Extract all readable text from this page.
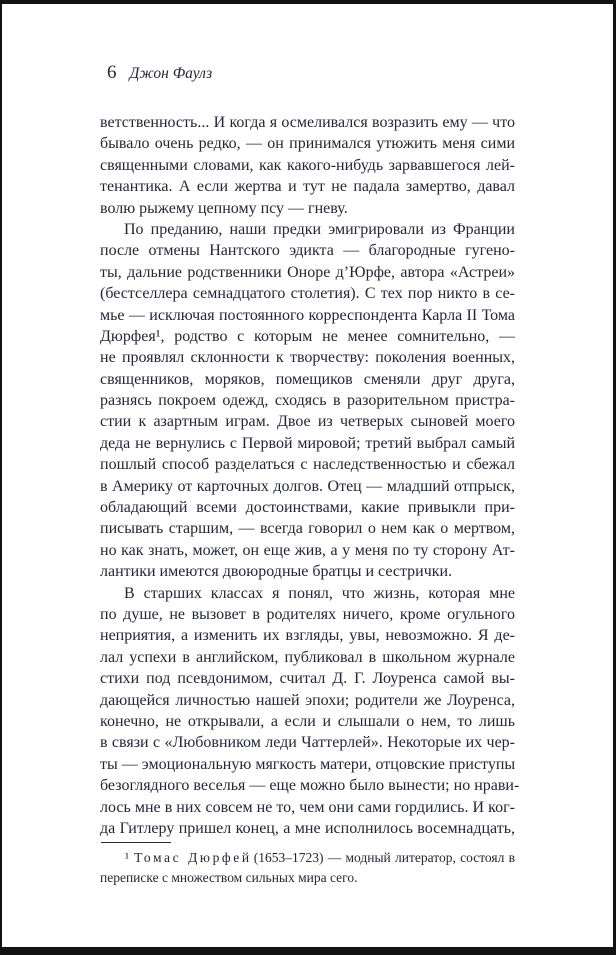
6 Джон Фаулз
ветственность... И когда я осмеливался возразить ему — что
бывало очень редко, — он принимался утюжить меня сими
священными словами, как какого-нибудь зарвавшегося лей-
тенантика. А если жертва и тут не падала замертво, давал
волю рыжему цепному псу — гневу.
По преданию, наши предки эмигрировали из Франции
после отмены Нантского эдикта — благородные гугено-
ты, дальние родственники Оноре д’Юрфе, автора «Астреи»
(бестселлера семнадцатого столетия). С тех пор никто в се-
мье — исключая постоянного корреспондента Карла II Тома
Дюрфея¹, родство с которым не менее сомнительно, —
не проявлял склонности к творчеству: поколения военных,
священников, моряков, помещиков сменяли друг друга,
разнясь покроем одежд, сходясь в разорительном пристра-
стии к азартным играм. Двое из четверых сыновей моего
деда не вернулись с Первой мировой; третий выбрал самый
пошлый способ разделаться с наследственностью и сбежал
в Америку от карточных долгов. Отец — младший отпрыск,
обладающий всеми достоинствами, какие привыкли при-
писывать старшим, — всегда говорил о нем как о мертвом,
но как знать, может, он еще жив, а у меня по ту сторону Ат-
лантики имеются двоюродные братцы и сестрички.
В старших классах я понял, что жизнь, которая мне
по душе, не вызовет в родителях ничего, кроме огульного
неприятия, а изменить их взгляды, увы, невозможно. Я де-
лал успехи в английском, публиковал в школьном журнале
стихи под псевдонимом, считал Д. Г. Лоуренса самой вы-
дающейся личностью нашей эпохи; родители же Лоуренса,
конечно, не открывали, а если и слышали о нем, то лишь
в связи с «Любовником леди Чаттерлей». Некоторые их чер-
ты — эмоциональную мягкость матери, отцовские приступы
безоглядного веселья — еще можно было вынести; но нрави-
лось мне в них совсем не то, чем они сами гордились. И ког-
да Гитлеру пришел конец, а мне исполнилось восемнадцать,
¹ Томас Дюрфей (1653–1723) — модный литератор, состоял в
переписке с множеством сильных мира сего.
